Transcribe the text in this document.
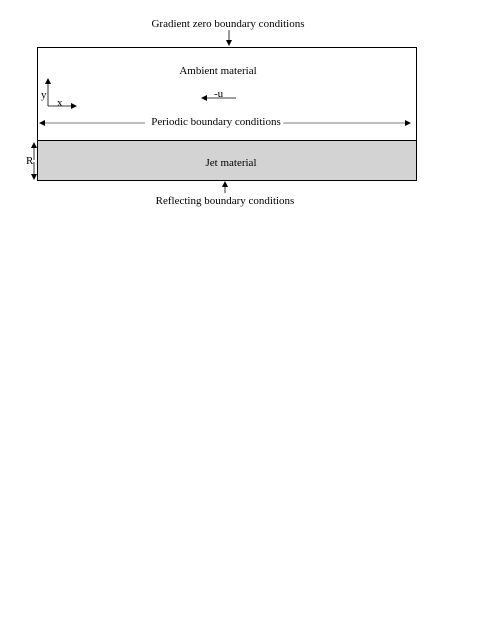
Gradient zero boundary conditions
Ambient material
y
x
-u
Periodic boundary conditions
R	Jet material
Reflecting boundary conditions
